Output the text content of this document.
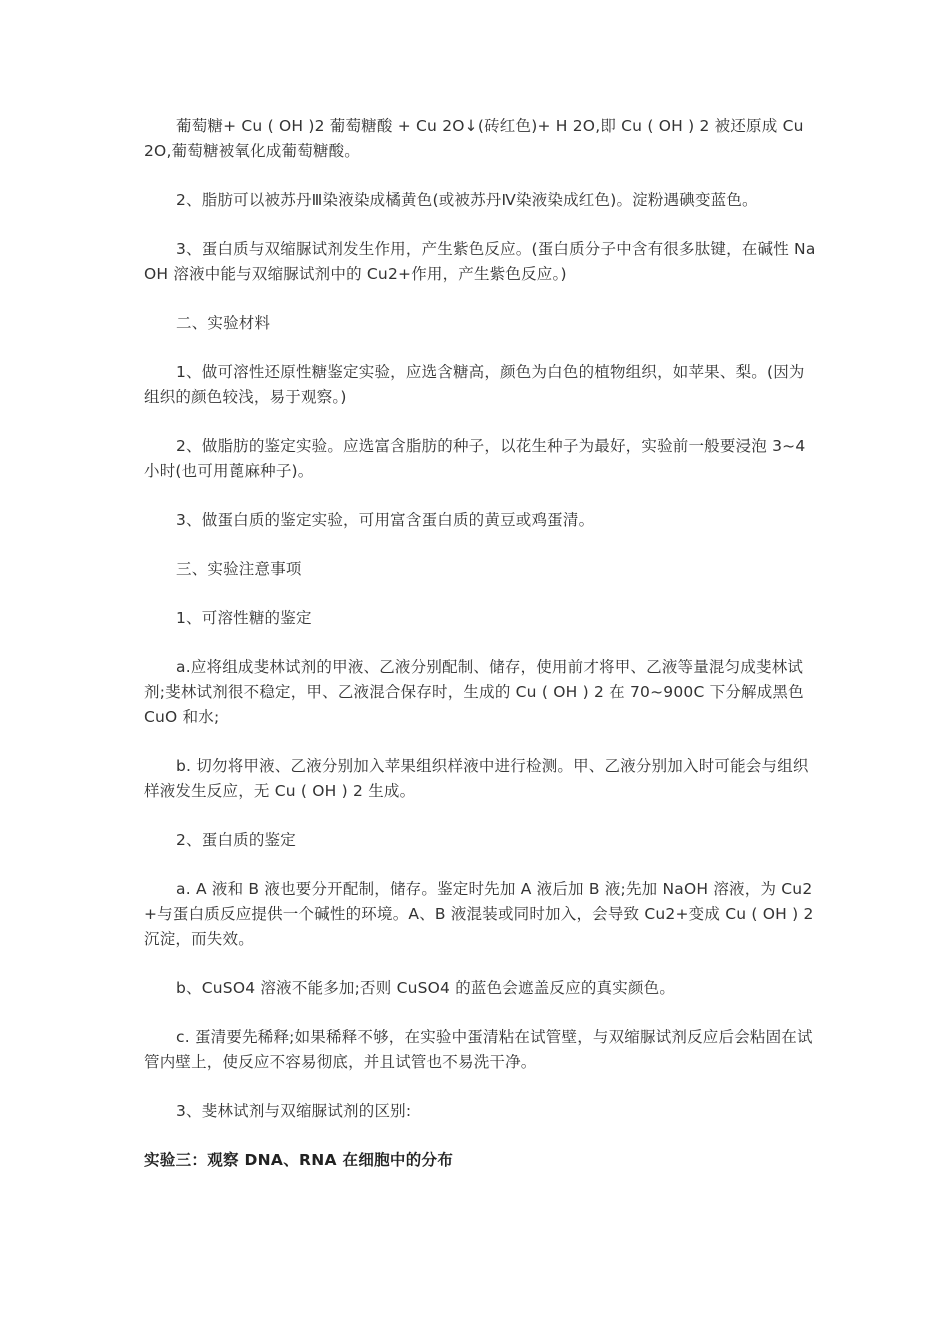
葡萄糖+ Cu ( OH )2 葡萄糖酸 + Cu 2O↓(砖红色)+ H 2O,即 Cu ( OH ) 2 被还原成 Cu 2O,葡萄糖被氧化成葡萄糖酸。

2、脂肪可以被苏丹Ⅲ染液染成橘黄色(或被苏丹Ⅳ染液染成红色)。淀粉遇碘变蓝色。

3、蛋白质与双缩脲试剂发生作用，产生紫色反应。(蛋白质分子中含有很多肽键，在碱性 NaOH 溶液中能与双缩脲试剂中的 Cu2+作用，产生紫色反应。)

二、实验材料

1、做可溶性还原性糖鉴定实验，应选含糖高，颜色为白色的植物组织，如苹果、梨。(因为组织的颜色较浅，易于观察。)

2、做脂肪的鉴定实验。应选富含脂肪的种子，以花生种子为最好，实验前一般要浸泡 3~4 小时(也可用蓖麻种子)。

3、做蛋白质的鉴定实验，可用富含蛋白质的黄豆或鸡蛋清。

三、实验注意事项

1、可溶性糖的鉴定

a.应将组成斐林试剂的甲液、乙液分别配制、储存，使用前才将甲、乙液等量混匀成斐林试剂;斐林试剂很不稳定，甲、乙液混合保存时，生成的 Cu ( OH ) 2 在 70~900C 下分解成黑色 CuO 和水;

b. 切勿将甲液、乙液分别加入苹果组织样液中进行检测。甲、乙液分别加入时可能会与组织样液发生反应，无 Cu ( OH ) 2 生成。

2、蛋白质的鉴定

a. A 液和 B 液也要分开配制，储存。鉴定时先加 A 液后加 B 液;先加 NaOH 溶液，为 Cu2+与蛋白质反应提供一个碱性的环境。A、B 液混装或同时加入，会导致 Cu2+变成 Cu ( OH ) 2 沉淀，而失效。

b、CuSO4 溶液不能多加;否则 CuSO4 的蓝色会遮盖反应的真实颜色。

c. 蛋清要先稀释;如果稀释不够，在实验中蛋清粘在试管壁，与双缩脲试剂反应后会粘固在试管内壁上，使反应不容易彻底，并且试管也不易洗干净。

3、斐林试剂与双缩脲试剂的区别:

实验三：观察 DNA、RNA 在细胞中的分布
